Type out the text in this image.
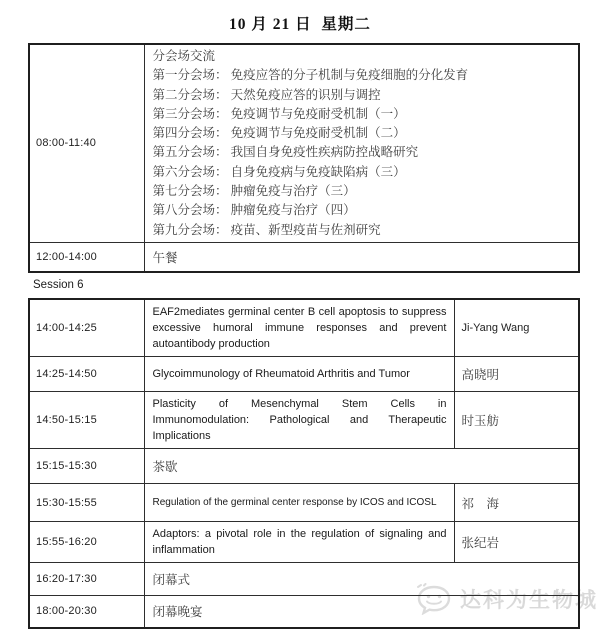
达科为生物城
10 月 21 日  星期二
08:00-11:40	
分会场交流
第一分会场： 免疫应答的分子机制与免疫细胞的分化发育
第二分会场： 天然免疫应答的识别与调控
第三分会场： 免疫调节与免疫耐受机制（一）
第四分会场： 免疫调节与免疫耐受机制（二）
第五分会场： 我国自身免疫性疾病防控战略研究
第六分会场： 自身免疫病与免疫缺陷病（三）
第七分会场： 肿瘤免疫与治疗（三）
第八分会场： 肿瘤免疫与治疗（四）
第九分会场： 疫苗、新型疫苗与佐剂研究

12:00-14:00	午餐
Session 6
14:00-14:25	EAF2mediates germinal center B cell apoptosis to suppress excessive humoral immune responses and prevent autoantibody production	Ji-Yang Wang
14:25-14:50	Glycoimmunology of Rheumatoid Arthritis and Tumor	高晓明
14:50-15:15	Plasticity of Mesenchymal Stem Cells in Immunomodulation: Pathological and Therapeutic Implications	时玉舫
15:15-15:30	茶歇	
15:30-15:55	Regulation of the germinal center response by ICOS and ICOSL	祁　海
15:55-16:20	Adaptors: a pivotal role in the regulation of signaling and inflammation	张纪岩
16:20-17:30	闭幕式	
18:00-20:30	闭幕晚宴	
